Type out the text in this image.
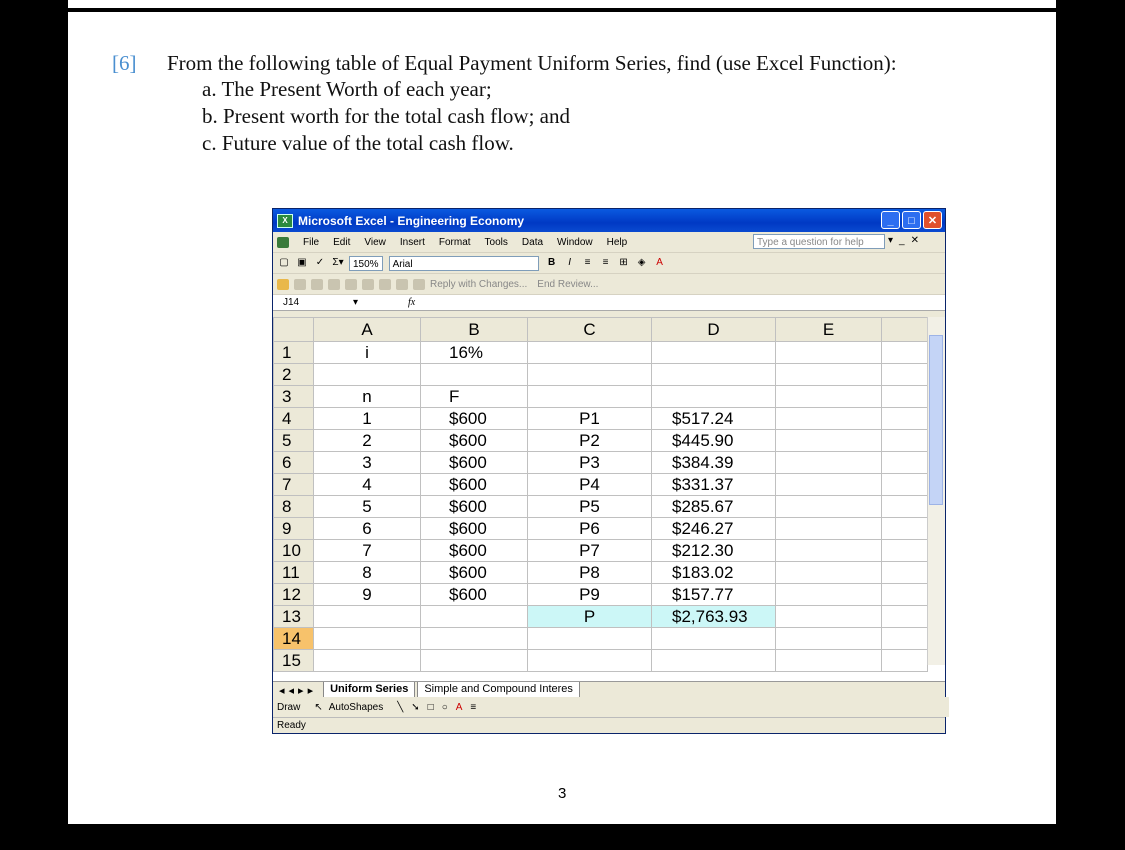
[6] From the following table of Equal Payment Uniform Series, find (use Excel Function):
a. The Present Worth of each year;
b. Present worth for the total cash flow; and
c. Future value of the total cash flow.
X Microsoft Excel - Engineering Economy	_	□	✕
File Edit View Insert Format Tools Data Window Help	Type a question for help	▾_✕
▢ ▣ ✓ Σ▾ 150%	Arial	B	I	≡	≡	⊞ ◈	A
Reply with Changes... End Review...
J14	▾	fx
	A	B	C	D	E	
1	i	16%				
2						
3	n	F				
4	1	$600	P1	$517.24		
5	2	$600	P2	$445.90		
6	3	$600	P3	$384.39		
7	4	$600	P4	$331.37		
8	5	$600	P5	$285.67		
9	6	$600	P6	$246.27		
10	7	$600	P7	$212.30		
11	8	$600	P8	$183.02		
12	9	$600	P9	$157.77		
13			P	$2,763.93		
14						
15						
◂◂▸▸	Uniform Series	Simple and Compound Interes
Draw ↖ AutoShapes ╲ ➘ □ ○ A ≡
Ready
3
